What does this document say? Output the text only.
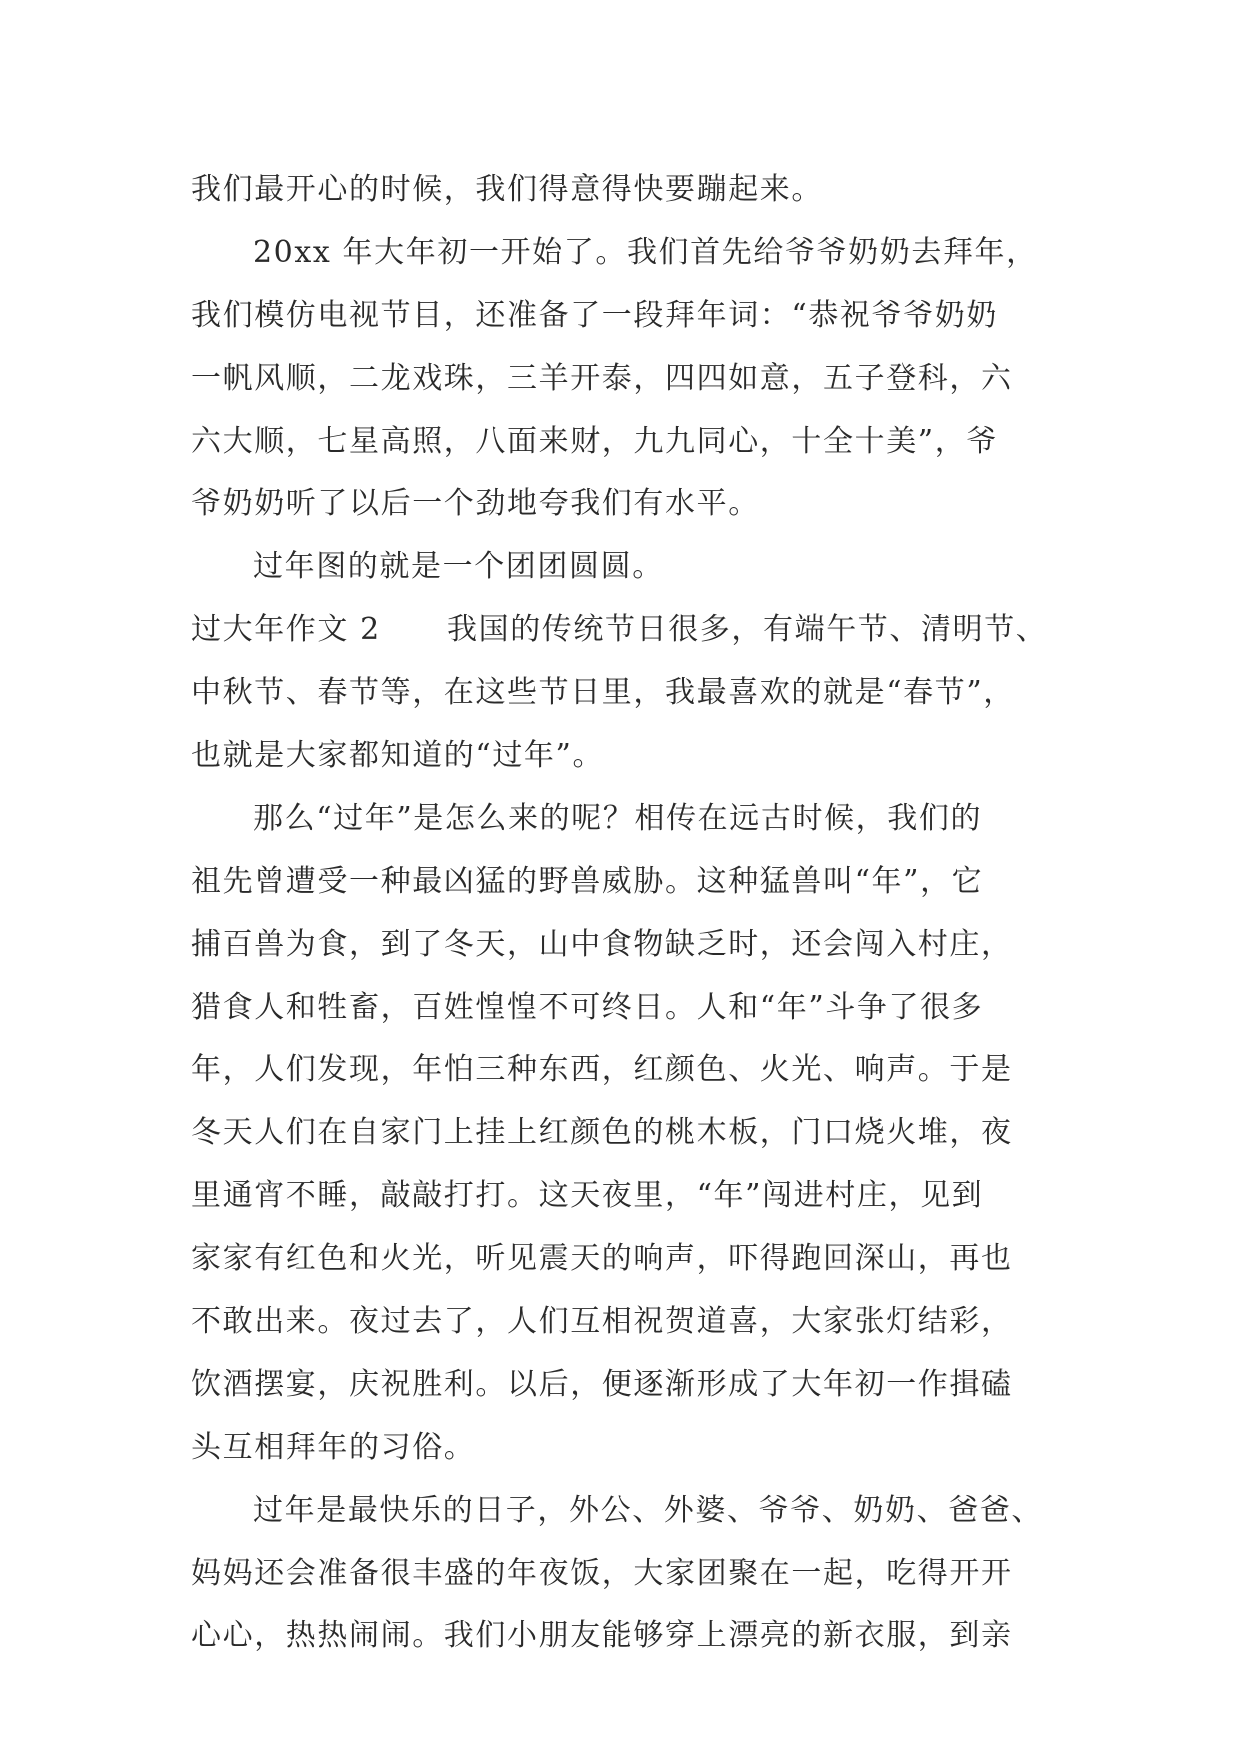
我们最开心的时候，我们得意得快要蹦起来。
20xx 年大年初一开始了。我们首先给爷爷奶奶去拜年，
我们模仿电视节目，还准备了一段拜年词：“恭祝爷爷奶奶
一帆风顺，二龙戏珠，三羊开泰，四四如意，五子登科，六
六大顺，七星高照，八面来财，九九同心，十全十美”，爷
爷奶奶听了以后一个劲地夸我们有水平。
过年图的就是一个团团圆圆。
过大年作文 2 我国的传统节日很多，有端午节、清明节、
中秋节、春节等，在这些节日里，我最喜欢的就是“春节”，
也就是大家都知道的“过年”。
那么“过年”是怎么来的呢？相传在远古时候，我们的
祖先曾遭受一种最凶猛的野兽威胁。这种猛兽叫“年”，它
捕百兽为食，到了冬天，山中食物缺乏时，还会闯入村庄，
猎食人和牲畜，百姓惶惶不可终日。人和“年”斗争了很多
年，人们发现，年怕三种东西，红颜色、火光、响声。于是
冬天人们在自家门上挂上红颜色的桃木板，门口烧火堆，夜
里通宵不睡，敲敲打打。这天夜里，“年”闯进村庄，见到
家家有红色和火光，听见震天的响声，吓得跑回深山，再也
不敢出来。夜过去了，人们互相祝贺道喜，大家张灯结彩，
饮酒摆宴，庆祝胜利。以后，便逐渐形成了大年初一作揖磕
头互相拜年的习俗。
过年是最快乐的日子，外公、外婆、爷爷、奶奶、爸爸、
妈妈还会准备很丰盛的年夜饭，大家团聚在一起，吃得开开
心心，热热闹闹。我们小朋友能够穿上漂亮的新衣服，到亲
